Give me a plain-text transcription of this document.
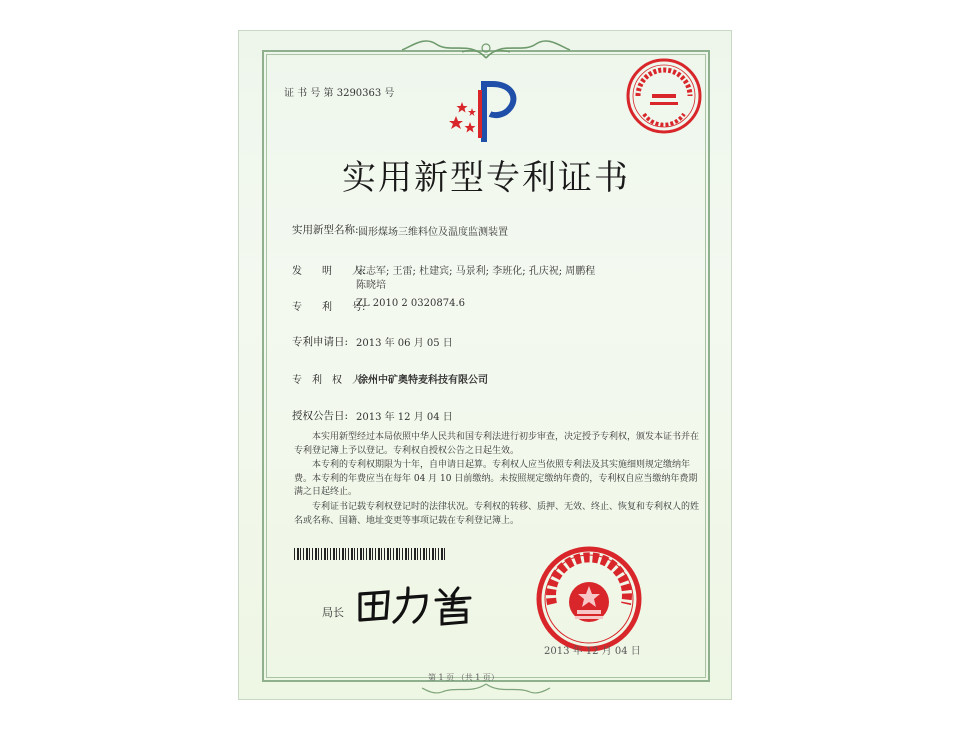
证 书 号 第 3290363 号
实用新型专利证书
实用新型名称: 圆形煤场三维料位及温度监测装置
发　　明　　人:
宋志军; 王雷; 杜建宾; 马景利; 李班化; 孔庆祝; 周鹏程
陈晓培
专　　利　　号:
ZL 2010 2 0320874.6
专利申请日: 2013 年 06 月 05 日
专　利　权　人:
徐州中矿奥特麦科技有限公司
授权公告日: 2013 年 12 月 04 日
本实用新型经过本局依照中华人民共和国专利法进行初步审查，决定授予专利权，颁发本证书并在专利登记簿上予以登记。专利权自授权公告之日起生效。
本专利的专利权期限为十年，自申请日起算。专利权人应当依照专利法及其实施细则规定缴纳年费。本专利的年费应当在每年 04 月 10 日前缴纳。未按照规定缴纳年费的，专利权自应当缴纳年费期满之日起终止。
专利证书记载专利权登记时的法律状况。专利权的转移、质押、无效、终止、恢复和专利权人的姓名或名称、国籍、地址变更等事项记载在专利登记簿上。
局长
2013 年 12 月 04 日
第 1 页 （共 1 页）
